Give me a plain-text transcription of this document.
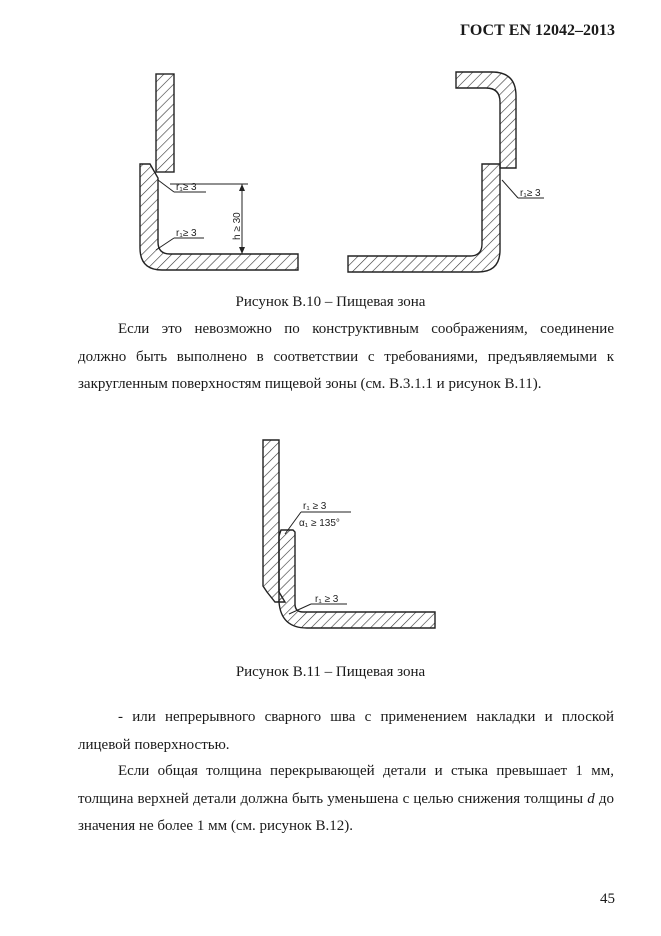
ГОСТ EN 12042–2013
h ≥ 30
r₁≥ 3
r₁≥ 3
r₁≥ 3
Рисунок В.10 – Пищевая зона

Если это невозможно по конструктивным соображениям, соединение должно быть выполнено в соответствии с требованиями, предъявляемыми к закругленным поверхностям пищевой зоны (см. В.3.1.1 и рисунок В.11).

r₁ ≥ 3
α₁ ≥ 135°
r₁ ≥ 3
Рисунок В.11 – Пищевая зона

- или непрерывного сварного шва с применением накладки и плоской лицевой поверхностью.

Если общая толщина перекрывающей детали и стыка превышает 1 мм, толщина верхней детали должна быть уменьшена с целью снижения толщины d до значения не более 1 мм (см. рисунок В.12).

45
